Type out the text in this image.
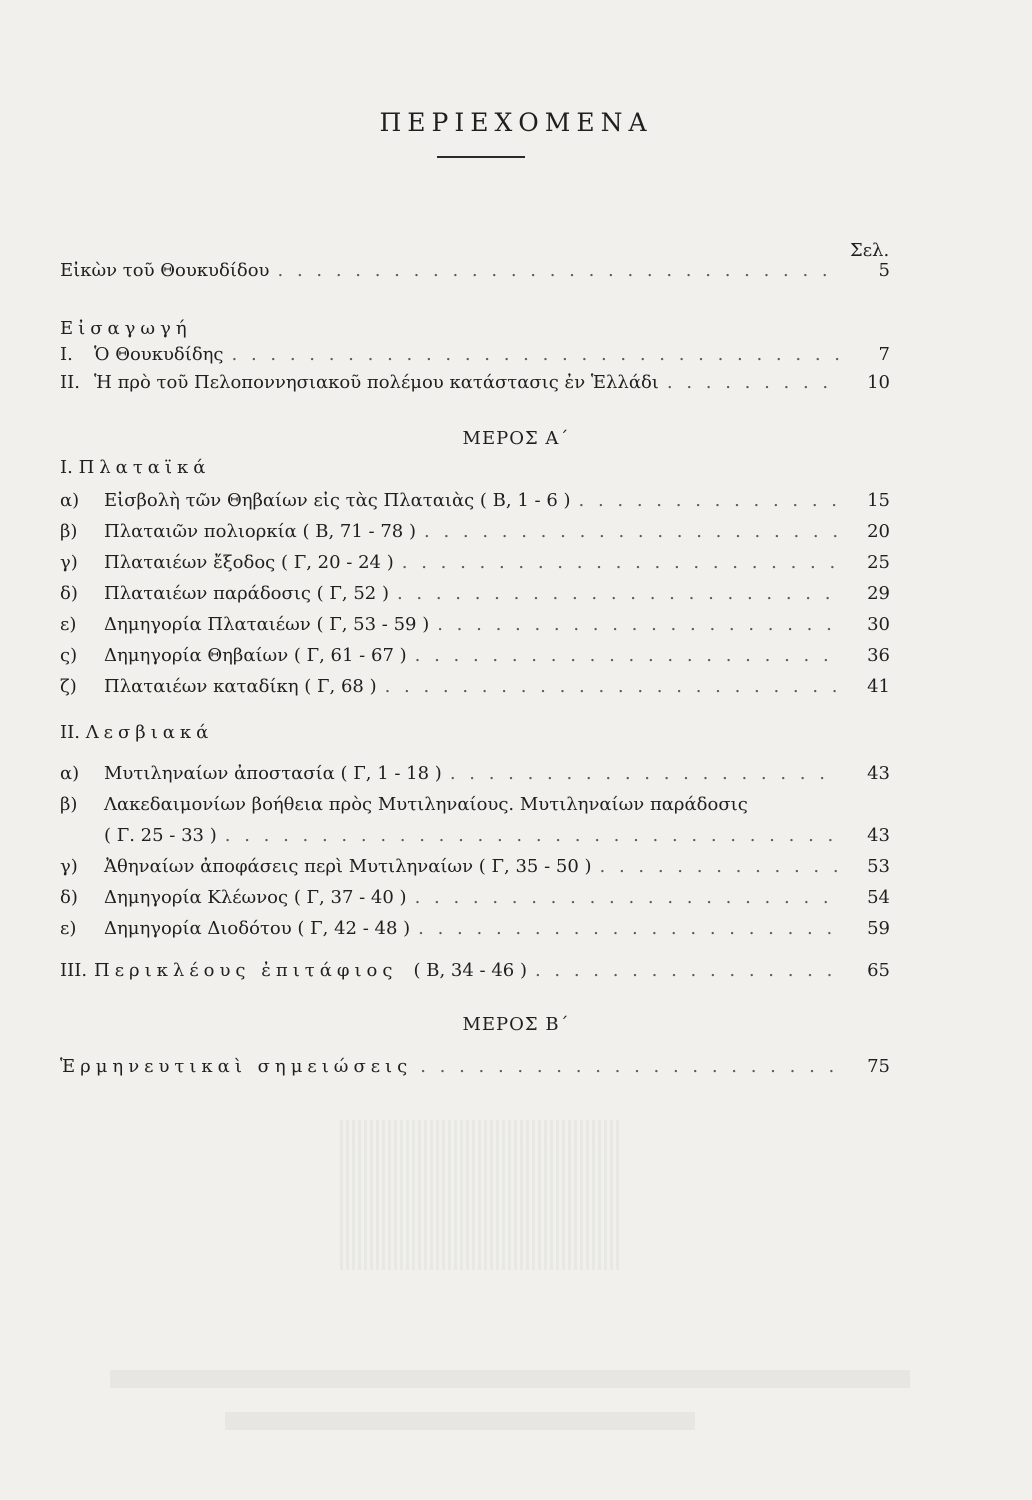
ΠΕΡΙΕΧΟΜΕΝΑ
Σελ.
Εἰκὼν τοῦ Θουκυδίδου . . .	5
Εἰσαγωγή
I.	Ὁ Θουκυδίδης . . .	7
II. Ἡ πρὸ τοῦ Πελοποννησιακοῦ πολέμου κατάστασις ἐν Ἑλλάδι . . .	10
ΜΕΡΟΣ Α΄
I. Πλαταϊκά
α)	Εἰσβολὴ τῶν Θηβαίων εἰς τὰς Πλαταιὰς ( Β, 1 - 6 ) . . .	15
β)	Πλαταιῶν πολιορκία ( Β, 71 - 78 ) . . .	20
γ)	Πλαταιέων ἔξοδος ( Γ, 20 - 24 ) . . .	25
δ)	Πλαταιέων παράδοσις ( Γ, 52 ) . . .	29
ε)	Δημηγορία Πλαταιέων ( Γ, 53 - 59 ) . . .	30
ς)	Δημηγορία Θηβαίων ( Γ, 61 - 67 ) . . .	36
ζ)	Πλαταιέων καταδίκη ( Γ, 68 ) . . .	41
II. Λεσβιακά
α)	Μυτιληναίων ἀποστασία ( Γ, 1 - 18 ) . . .	43
β)	Λακεδαιμονίων βοήθεια πρὸς Μυτιληναίους. Μυτιληναίων παράδοσις
( Γ. 25 - 33 ) . . .	43
γ)	Ἀθηναίων ἀποφάσεις περὶ Μυτιληναίων ( Γ, 35 - 50 ) . . .	53
δ)	Δημηγορία Κλέωνος ( Γ, 37 - 40 ) . . .	54
ε)	Δημηγορία Διοδότου ( Γ, 42 - 48 ) . . .	59
III. Περικλέους ἐπιτάφιος ( Β, 34 - 46 ) . . .	65
ΜΕΡΟΣ Β΄
Ἑρμηνευτικαὶ σημειώσεις . . .	75
